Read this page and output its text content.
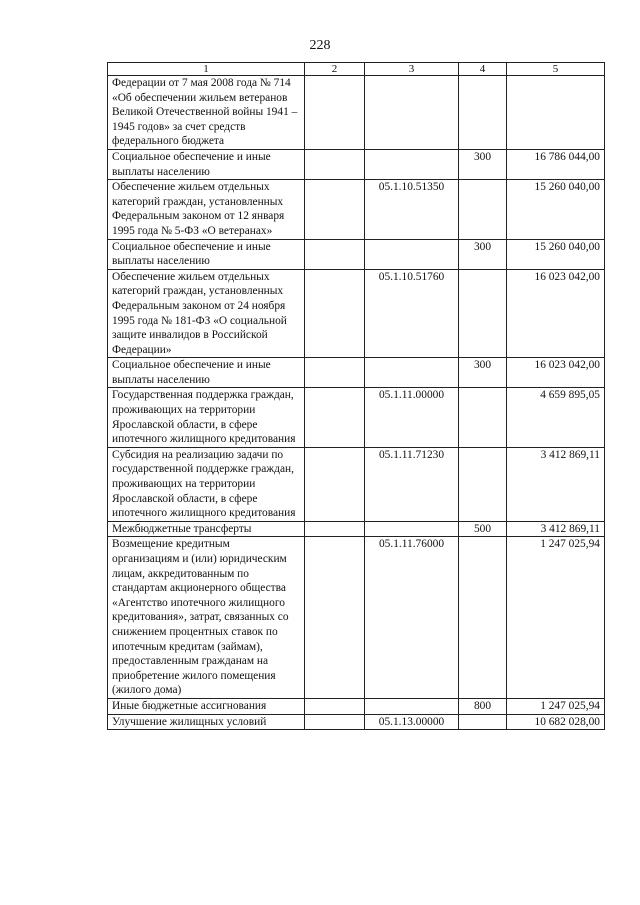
228
1	2	3	4	5
Федерации от 7 мая 2008 года № 714 «Об обеспечении жильем ветеранов Великой Отечественной войны 1941 – 1945 годов» за счет средств федерального бюджета				
Социальное обеспечение и иные выплаты населению			300	16 786 044,00
Обеспечение жильем отдельных категорий граждан, установленных Федеральным законом от 12 января 1995 года № 5-ФЗ «О ветеранах»		05.1.10.51350		15 260 040,00
Социальное обеспечение и иные выплаты населению			300	15 260 040,00
Обеспечение жильем отдельных категорий граждан, установленных Федеральным законом от 24 ноября 1995 года № 181-ФЗ «О социальной защите инвалидов в Российской Федерации»		05.1.10.51760		16 023 042,00
Социальное обеспечение и иные выплаты населению			300	16 023 042,00
Государственная поддержка граждан, проживающих на территории Ярославской области, в сфере ипотечного жилищного кредитования		05.1.11.00000		4 659 895,05
Субсидия на реализацию задачи по государственной поддержке граждан, проживающих на территории Ярославской области, в сфере ипотечного жилищного кредитования		05.1.11.71230		3 412 869,11
Межбюджетные трансферты			500	3 412 869,11
Возмещение кредитным организациям и (или) юридическим лицам, аккредитованным по стандартам акционерного общества «Агентство ипотечного жилищного кредитования», затрат, связанных со снижением процентных ставок по ипотечным кредитам (займам), предоставленным гражданам на приобретение жилого помещения (жилого дома)		05.1.11.76000		1 247 025,94
Иные бюджетные ассигнования			800	1 247 025,94
Улучшение жилищных условий		05.1.13.00000		10 682 028,00
